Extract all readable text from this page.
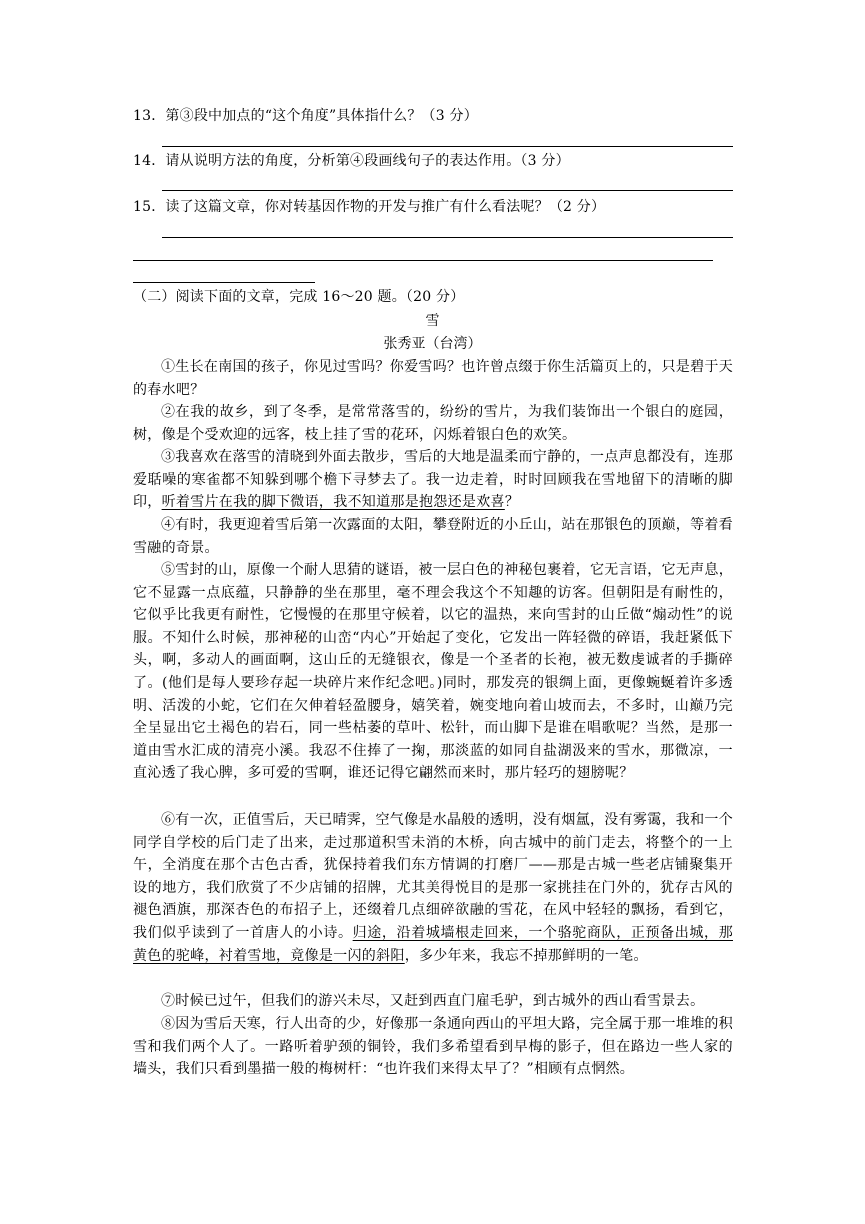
13．第③段中加点的“这个角度”具体指什么？（3 分）
14．请从说明方法的角度，分析第④段画线句子的表达作用。（3 分）
15．读了这篇文章，你对转基因作物的开发与推广有什么看法呢？（2 分）
（二）阅读下面的文章，完成 16～20 题。（20 分）
雪
张秀亚（台湾）
①生长在南国的孩子，你见过雪吗？你爱雪吗？也许曾点缀于你生活篇页上的，只是碧于天的春水吧？
②在我的故乡，到了冬季，是常常落雪的，纷纷的雪片，为我们装饰出一个银白的庭园，树，像是个受欢迎的远客，枝上挂了雪的花环，闪烁着银白色的欢笑。
③我喜欢在落雪的清晓到外面去散步，雪后的大地是温柔而宁静的，一点声息都没有，连那爱聒噪的寒雀都不知躲到哪个檐下寻梦去了。我一边走着，时时回顾我在雪地留下的清晰的脚印，听着雪片在我的脚下微语，我不知道那是抱怨还是欢喜？
④有时，我更迎着雪后第一次露面的太阳，攀登附近的小丘山，站在那银色的顶巅，等着看雪融的奇景。
⑤雪封的山，原像一个耐人思猜的谜语，被一层白色的神秘包裹着，它无言语，它无声息，它不显露一点底蕴，只静静的坐在那里，毫不理会我这个不知趣的访客。但朝阳是有耐性的，它似乎比我更有耐性，它慢慢的在那里守候着，以它的温热，来向雪封的山丘做“煽动性”的说服。不知什么时候，那神秘的山峦“内心”开始起了变化，它发出一阵轻微的碎语，我赶紧低下头，啊，多动人的画面啊，这山丘的无缝银衣，像是一个圣者的长袍，被无数虔诚者的手撕碎了。(他们是每人要珍存起一块碎片来作纪念吧。)同时，那发亮的银绸上面，更像蜿蜒着许多透明、活泼的小蛇，它们在欠伸着轻盈腰身，嬉笑着，婉变地向着山坡而去，不多时，山巅乃完全呈显出它土褐色的岩石，同一些枯萎的草叶、松针，而山脚下是谁在唱歌呢？当然，是那一道由雪水汇成的清亮小溪。我忍不住捧了一掬，那淡蓝的如同自盐湖汲来的雪水，那微凉，一直沁透了我心脾，多可爱的雪啊，谁还记得它翩然而来时，那片轻巧的翅膀呢？
⑥有一次，正值雪后，天已晴霁，空气像是水晶般的透明，没有烟氲，没有雾霭，我和一个同学自学校的后门走了出来，走过那道积雪未消的木桥，向古城中的前门走去，将整个的一上午，全消度在那个古色古香，犹保持着我们东方情调的打磨厂——那是古城一些老店铺聚集开设的地方，我们欣赏了不少店铺的招牌，尤其美得悦目的是那一家挑挂在门外的，犹存古风的褪色酒旗，那深杏色的布招子上，还缀着几点细碎欲融的雪花，在风中轻轻的飘扬，看到它，我们似乎读到了一首唐人的小诗。归途，沿着城墙根走回来，一个骆驼商队，正预备出城，那黄色的驼峰，衬着雪地，竟像是一闪的斜阳，多少年来，我忘不掉那鲜明的一笔。
⑦时候已过午，但我们的游兴未尽，又赶到西直门雇毛驴，到古城外的西山看雪景去。
⑧因为雪后天寒，行人出奇的少，好像那一条通向西山的平坦大路，完全属于那一堆堆的积雪和我们两个人了。一路听着驴颈的铜铃，我们多希望看到早梅的影子，但在路边一些人家的墙头，我们只看到墨描一般的梅树杆：“也许我们来得太早了？”相顾有点惘然。
